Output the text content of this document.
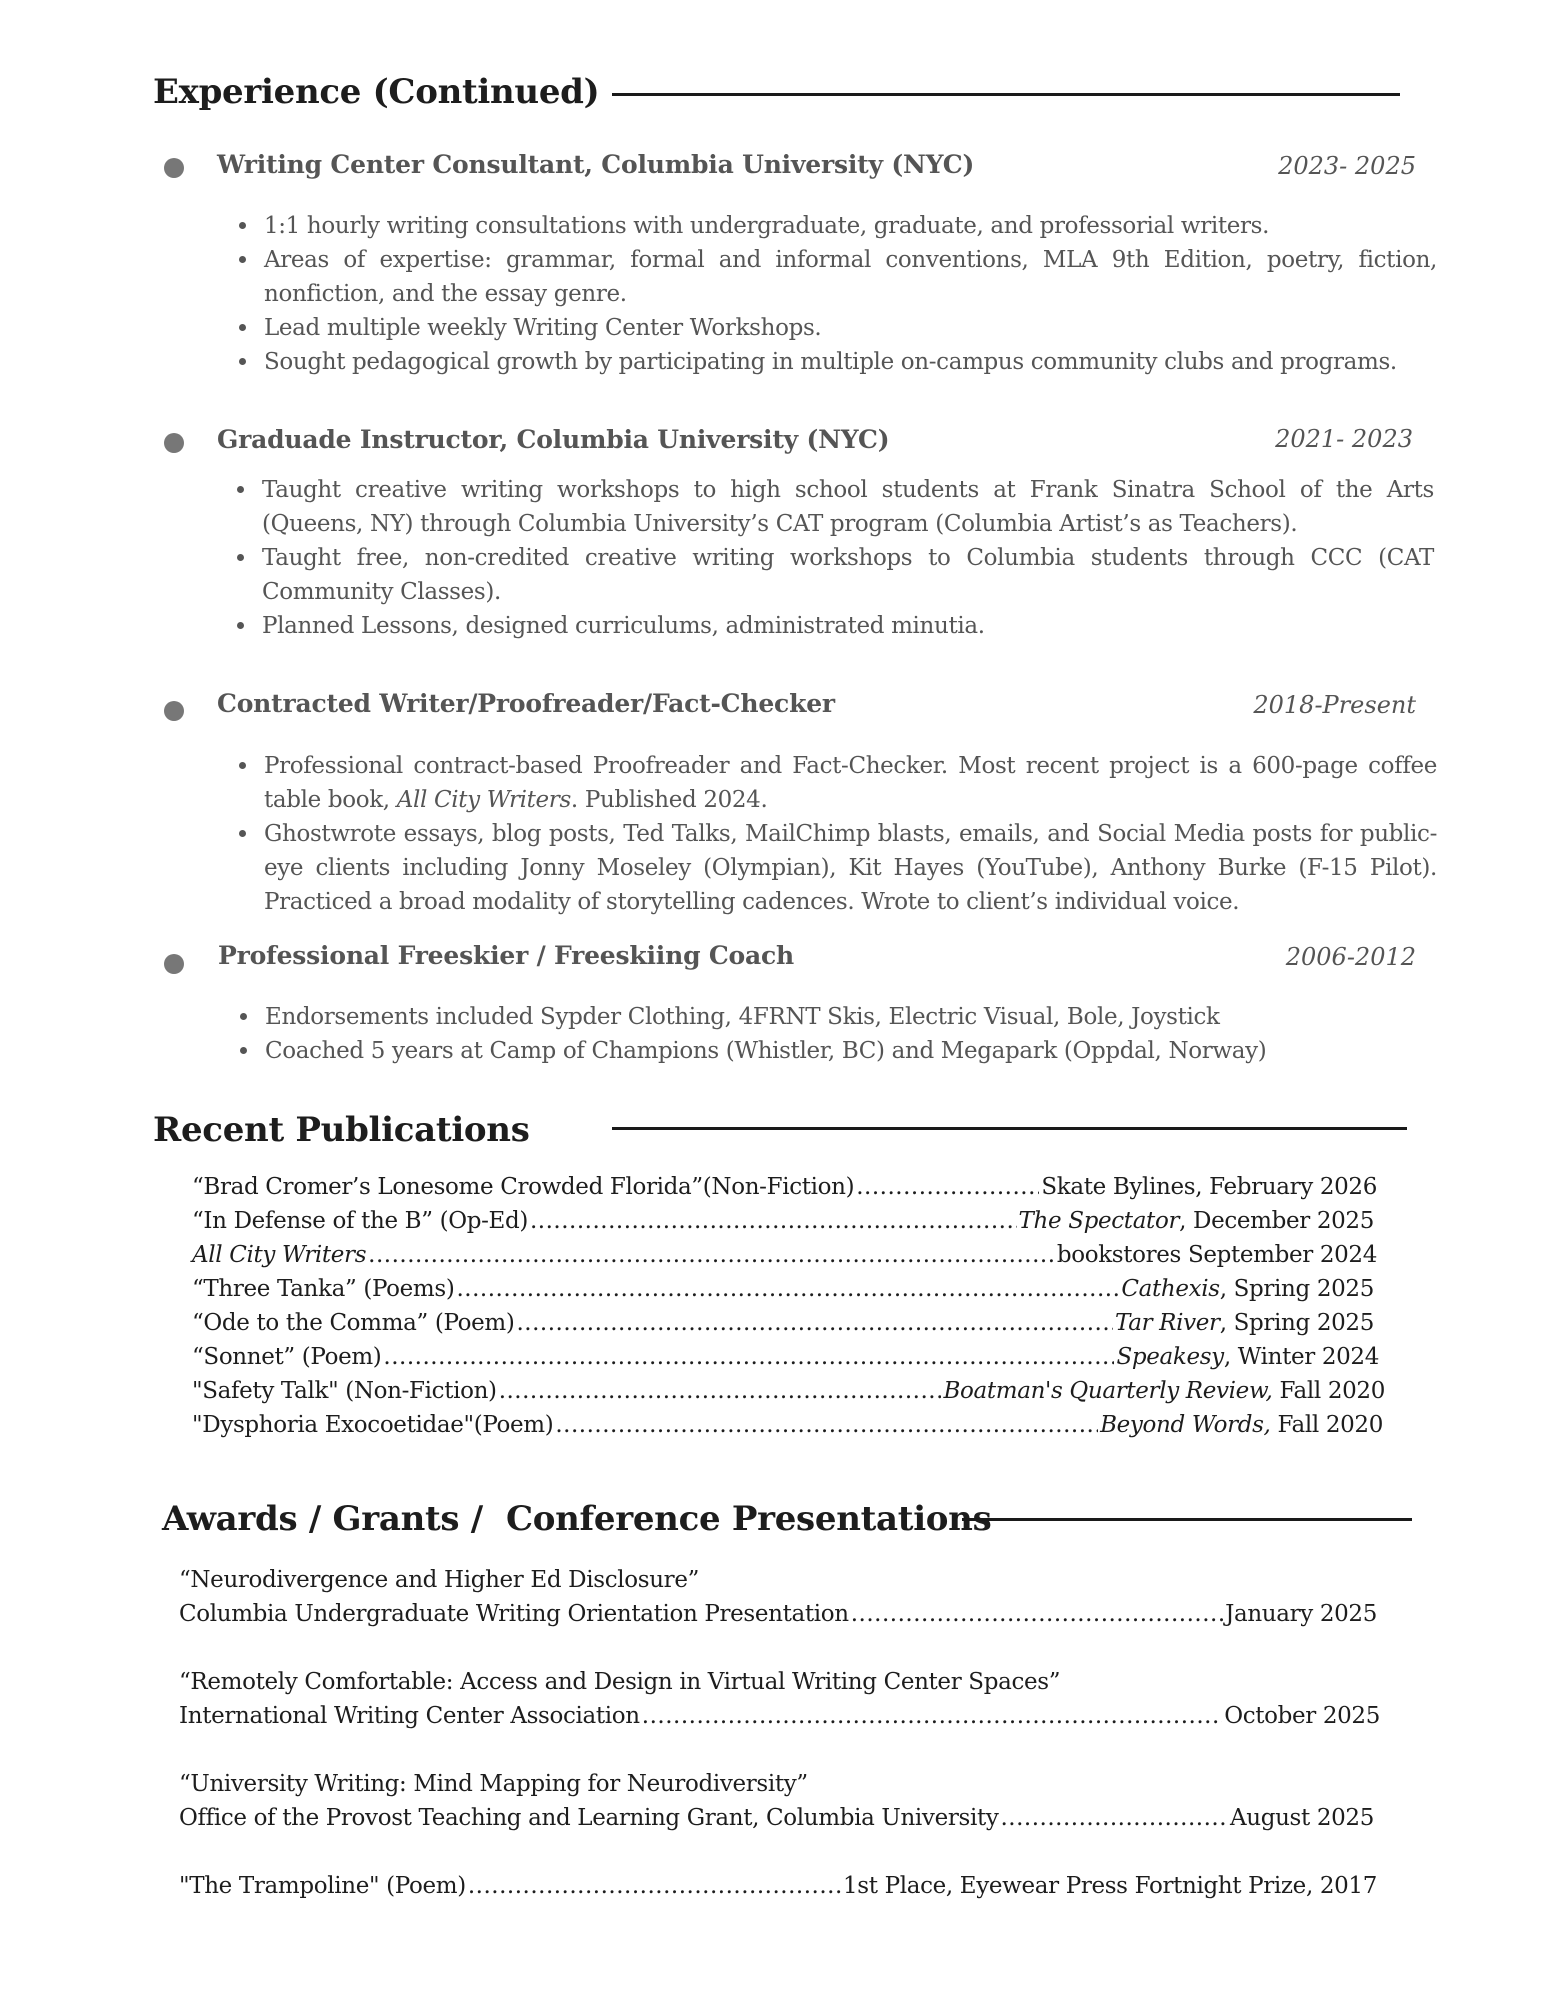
Experience (Continued)
Writing Center Consultant, Columbia University (NYC)	2023- 2025
1:1 hourly writing consultations with undergraduate, graduate, and professorial writers.
Areas of expertise: grammar, formal and informal conventions, MLA 9th Edition, poetry, fiction, nonfiction, and the essay genre.
Lead multiple weekly Writing Center Workshops.
Sought pedagogical growth by participating in multiple on-campus community clubs and programs.
Graduade Instructor, Columbia University (NYC)	2021- 2023
Taught creative writing workshops to high school students at Frank Sinatra School of the Arts (Queens, NY) through Columbia University’s CAT program (Columbia Artist’s as Teachers).
Taught free, non-credited creative writing workshops to Columbia students through CCC (CAT Community Classes).
Planned Lessons, designed curriculums, administrated minutia.
Contracted Writer/Proofreader/Fact-Checker	2018-Present
Professional contract-based Proofreader and Fact-Checker. Most recent project is a 600-page coffee table book, All City Writers. Published 2024.
Ghostwrote essays, blog posts, Ted Talks, MailChimp blasts, emails, and Social Media posts for public-eye clients including Jonny Moseley (Olympian), Kit Hayes (YouTube), Anthony Burke (F-15 Pilot). Practiced a broad modality of storytelling cadences. Wrote to client’s individual voice.
Professional Freeskier / Freeskiing Coach	2006-2012
Endorsements included Sypder Clothing, 4FRNT Skis, Electric Visual, Bole, Joystick
Coached 5 years at Camp of Champions (Whistler, BC) and Megapark (Oppdal, Norway)
Recent Publications
“Brad Cromer’s Lonesome Crowded Florida”(Non-Fiction) .....	Skate Bylines, February 2026
“In Defense of the B” (Op-Ed) .....	The Spectator, December 2025
All City Writers .....	bookstores September 2024
“Three Tanka” (Poems) .....	Cathexis, Spring 2025
“Ode to the Comma” (Poem) .....	Tar River, Spring 2025
“Sonnet” (Poem) .....	Speakesy, Winter 2024
"Safety Talk" (Non-Fiction) .....	Boatman's Quarterly Review, Fall 2020
"Dysphoria Exocoetidae"(Poem) .....	Beyond Words, Fall 2020
Awards / Grants /  Conference Presentations
“Neurodivergence and Higher Ed Disclosure”
Columbia Undergraduate Writing Orientation Presentation .....	January 2025
“Remotely Comfortable: Access and Design in Virtual Writing Center Spaces”
International Writing Center Association .....	October 2025
“University Writing: Mind Mapping for Neurodiversity”
Office of the Provost Teaching and Learning Grant, Columbia University .....	August 2025
"The Trampoline" (Poem) .....	1st Place, Eyewear Press Fortnight Prize, 2017
